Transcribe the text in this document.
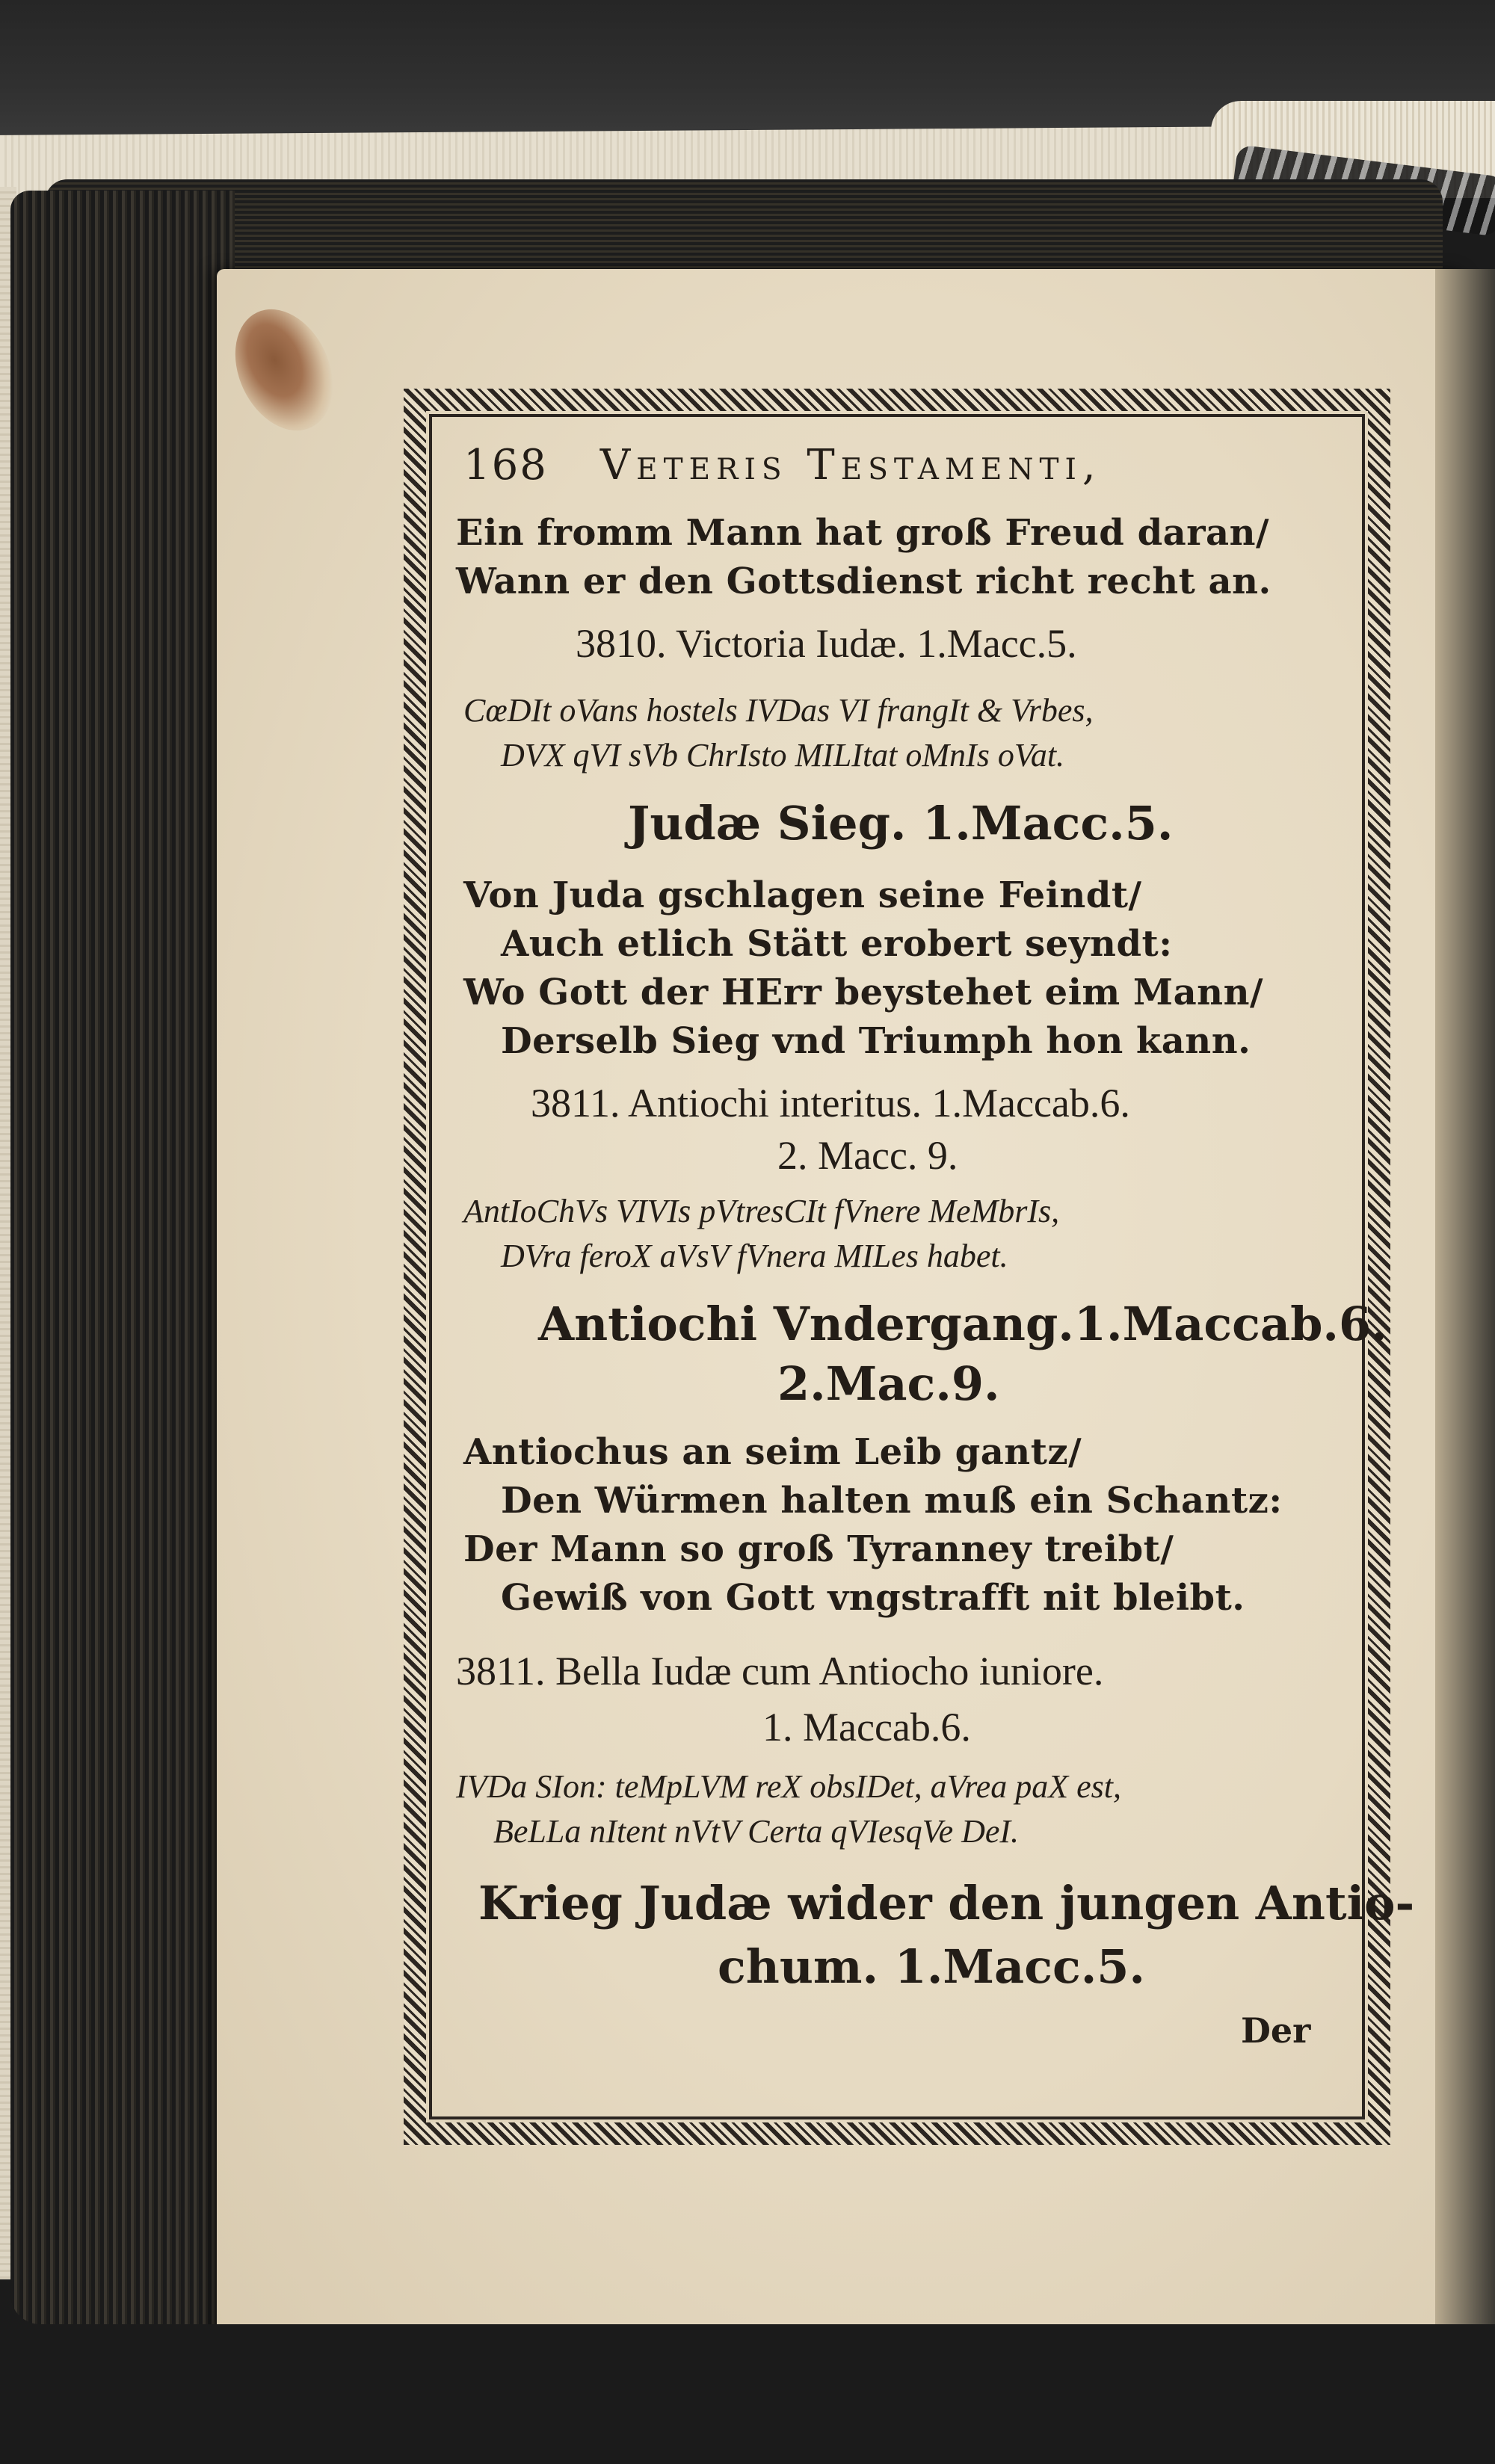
168 Veteris Testamenti,
Ein fromm Mann hat groß Freud daran/
Wann er den Gottsdienst richt recht an.
3810. Victoria Iudæ. 1.Macc.5.
CœDIt oVans hostels IVDas VI frangIt & Vrbes,
DVX qVI sVb ChrIsto MILItat oMnIs oVat.
Judæ Sieg. 1.Macc.5.
Von Juda gschlagen seine Feindt/
Auch etlich Stätt erobert seyndt:
Wo Gott der HErr beystehet eim Mann/
Derselb Sieg vnd Triumph hon kann.
3811. Antiochi interitus. 1.Maccab.6.
2. Macc. 9.
AntIoChVs VIVIs pVtresCIt fVnere MeMbrIs,
DVra feroX aVsV fVnera MILes habet.
Antiochi Vndergang.1.Maccab.6.
2.Mac.9.
Antiochus an seim Leib gantz/
Den Würmen halten muß ein Schantz:
Der Mann so groß Tyranney treibt/
Gewiß von Gott vngstrafft nit bleibt.
3811. Bella Iudæ cum Antiocho iuniore.
1. Maccab.6.
IVDa SIon: teMpLVM reX obsIDet, aVrea paX est,
BeLLa nItent nVtV Certa qVIesqVe DeI.
Krieg Judæ wider den jungen Antio-
chum. 1.Macc.5.
Der
